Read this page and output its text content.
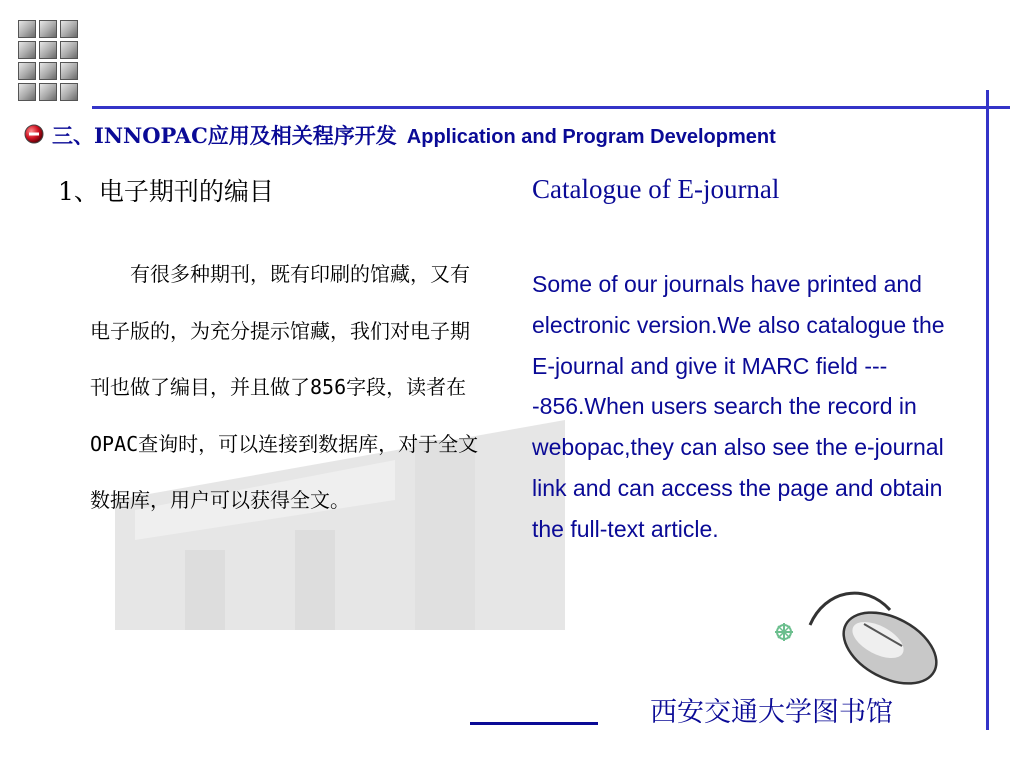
三、INNOPAC应用及相关程序开发 Application and Program Development
1、电子期刊的编目	Catalogue of E-journal
有很多种期刊，既有印刷的馆藏，又有电子版的，为充分提示馆藏，我们对电子期刊也做了编目，并且做了856字段，读者在OPAC查询时，可以连接到数据库，对于全文数据库，用户可以获得全文。
Some of our journals have printed and electronic version.We also catalogue the E-journal and give it MARC field ----856.When users search the record in webopac,they can also see the e-journal link and can access the page and obtain the full-text article.
西安交通大学图书馆
